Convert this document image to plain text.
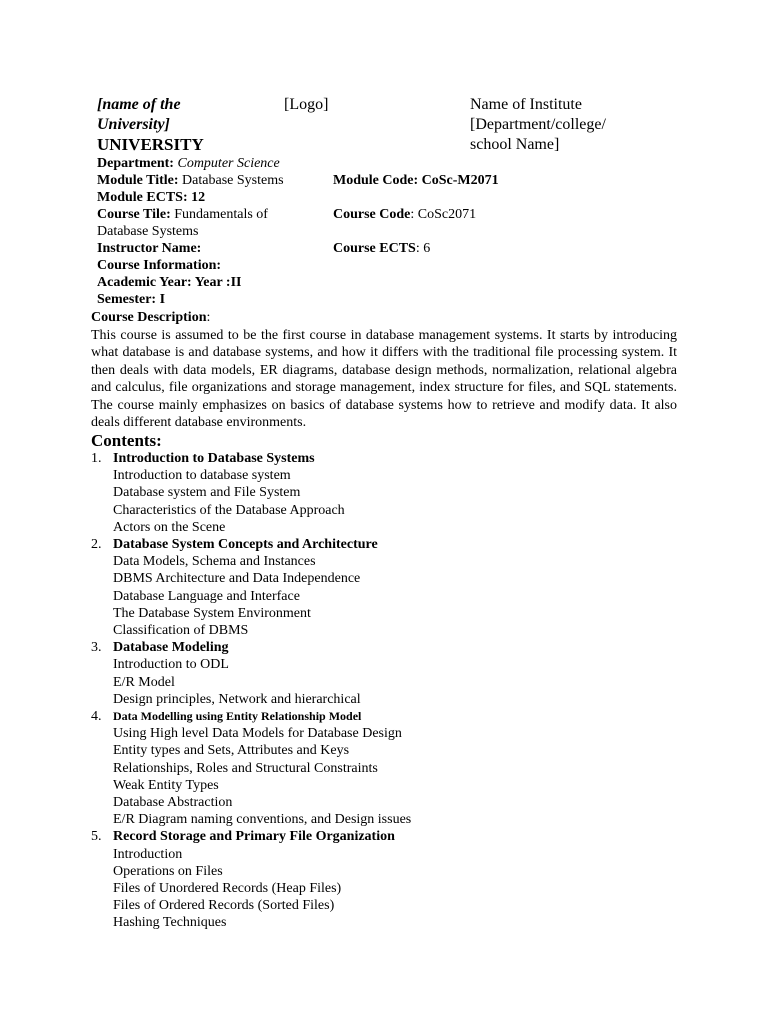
[name of the
University]
UNIVERSITY
[Logo]	Name of Institute
[Department/college/
school Name]
Department: Computer Science
Module Title: Database Systems	Module Code: CoSc-M2071
Module ECTS: 12
Course Tile: Fundamentals of
Database Systems
Course Code: CoSc2071
Instructor Name:	Course ECTS: 6
Course Information:
Academic Year: Year :II
Semester: I
Course Description:
This course is assumed to be the first course in database management systems. It starts by introducing what database is and database systems, and how it differs with the traditional file processing system. It then deals with data models, ER diagrams, database design methods, normalization, relational algebra and calculus, file organizations and storage management, index structure for files, and SQL statements. The course mainly emphasizes on basics of database systems how to retrieve and modify data. It also deals different database environments.
Contents:
1. Introduction to Database Systems
Introduction to database system
Database system and File System
Characteristics of the Database Approach
Actors on the Scene
2. Database System Concepts and Architecture
Data Models, Schema and Instances
DBMS Architecture and Data Independence
Database Language and Interface
The Database System Environment
Classification of DBMS
3. Database Modeling
Introduction to ODL
E/R Model
Design principles, Network and hierarchical
4. Data Modelling using Entity Relationship Model
Using High level Data Models for Database Design
Entity types and Sets, Attributes and Keys
Relationships, Roles and Structural Constraints
Weak Entity Types
Database Abstraction
E/R Diagram naming conventions, and Design issues
5. Record Storage and Primary File Organization
Introduction
Operations on Files
Files of Unordered Records (Heap Files)
Files of Ordered Records (Sorted Files)
Hashing Techniques
